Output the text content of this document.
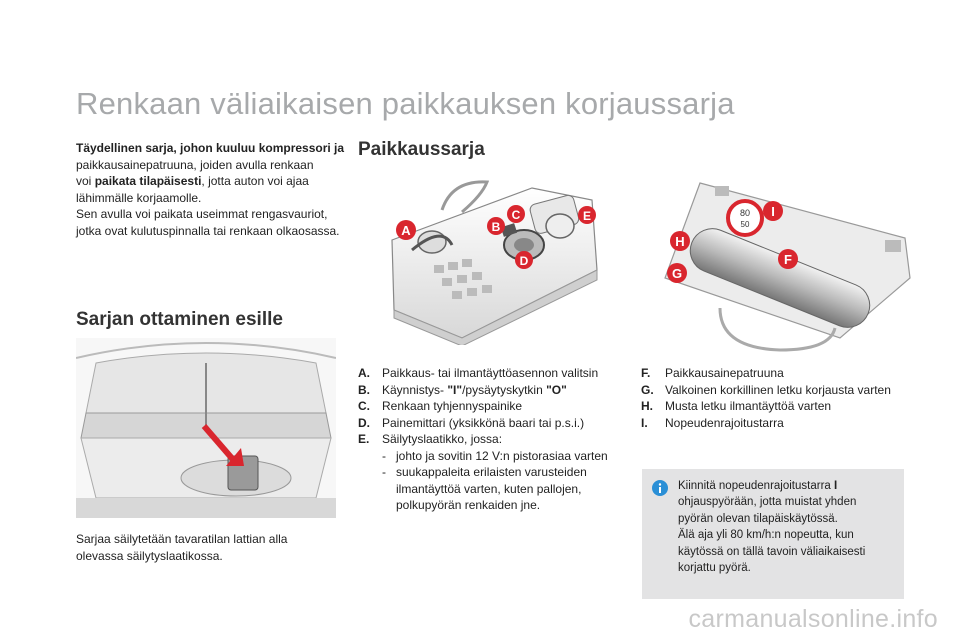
Renkaan väliaikaisen paikkauksen korjaussarja
Täydellinen sarja, johon kuuluu kompressori ja
paikkausainepatruuna, joiden avulla renkaan
voi paikata tilapäisesti, jotta auton voi ajaa
lähimmälle korjaamolle.
Sen avulla voi paikata useimmat rengasvauriot, jotka ovat kulutuspinnalla tai renkaan olkaosassa.
Paikkaussarja
Sarjan ottaminen esille
A	B
C
D
E	80
50
I
H
G
F
Sarjaa säilytetään tavaratilan lattian alla olevassa säilytyslaatikossa.
A.	Paikkaus- tai ilmantäyttöasennon valitsin
B.	Käynnistys- "I"/pysäytyskytkin "O"
C.	Renkaan tyhjennyspainike
D.	Painemittari (yksikkönä baari tai p.s.i.)
E.	Säilytyslaatikko, jossa:
- johto ja sovitin 12 V:n pistorasiaa varten
- suukappaleita erilaisten varusteiden ilmantäyttöä varten, kuten pallojen, polkupyörän renkaiden jne.
F.	Paikkausainepatruuna
G. Valkoinen korkillinen letku korjausta varten
H.	Musta letku ilmantäyttöä varten
I.	Nopeudenrajoitustarra
Kiinnitä nopeudenrajoitustarra I ohjauspyörään, jotta muistat yhden pyörän olevan tilapäiskäytössä.
Älä aja yli 80 km/h:n nopeutta, kun käytössä on tällä tavoin väliaikaisesti korjattu pyörä.
carmanualsonline.info
